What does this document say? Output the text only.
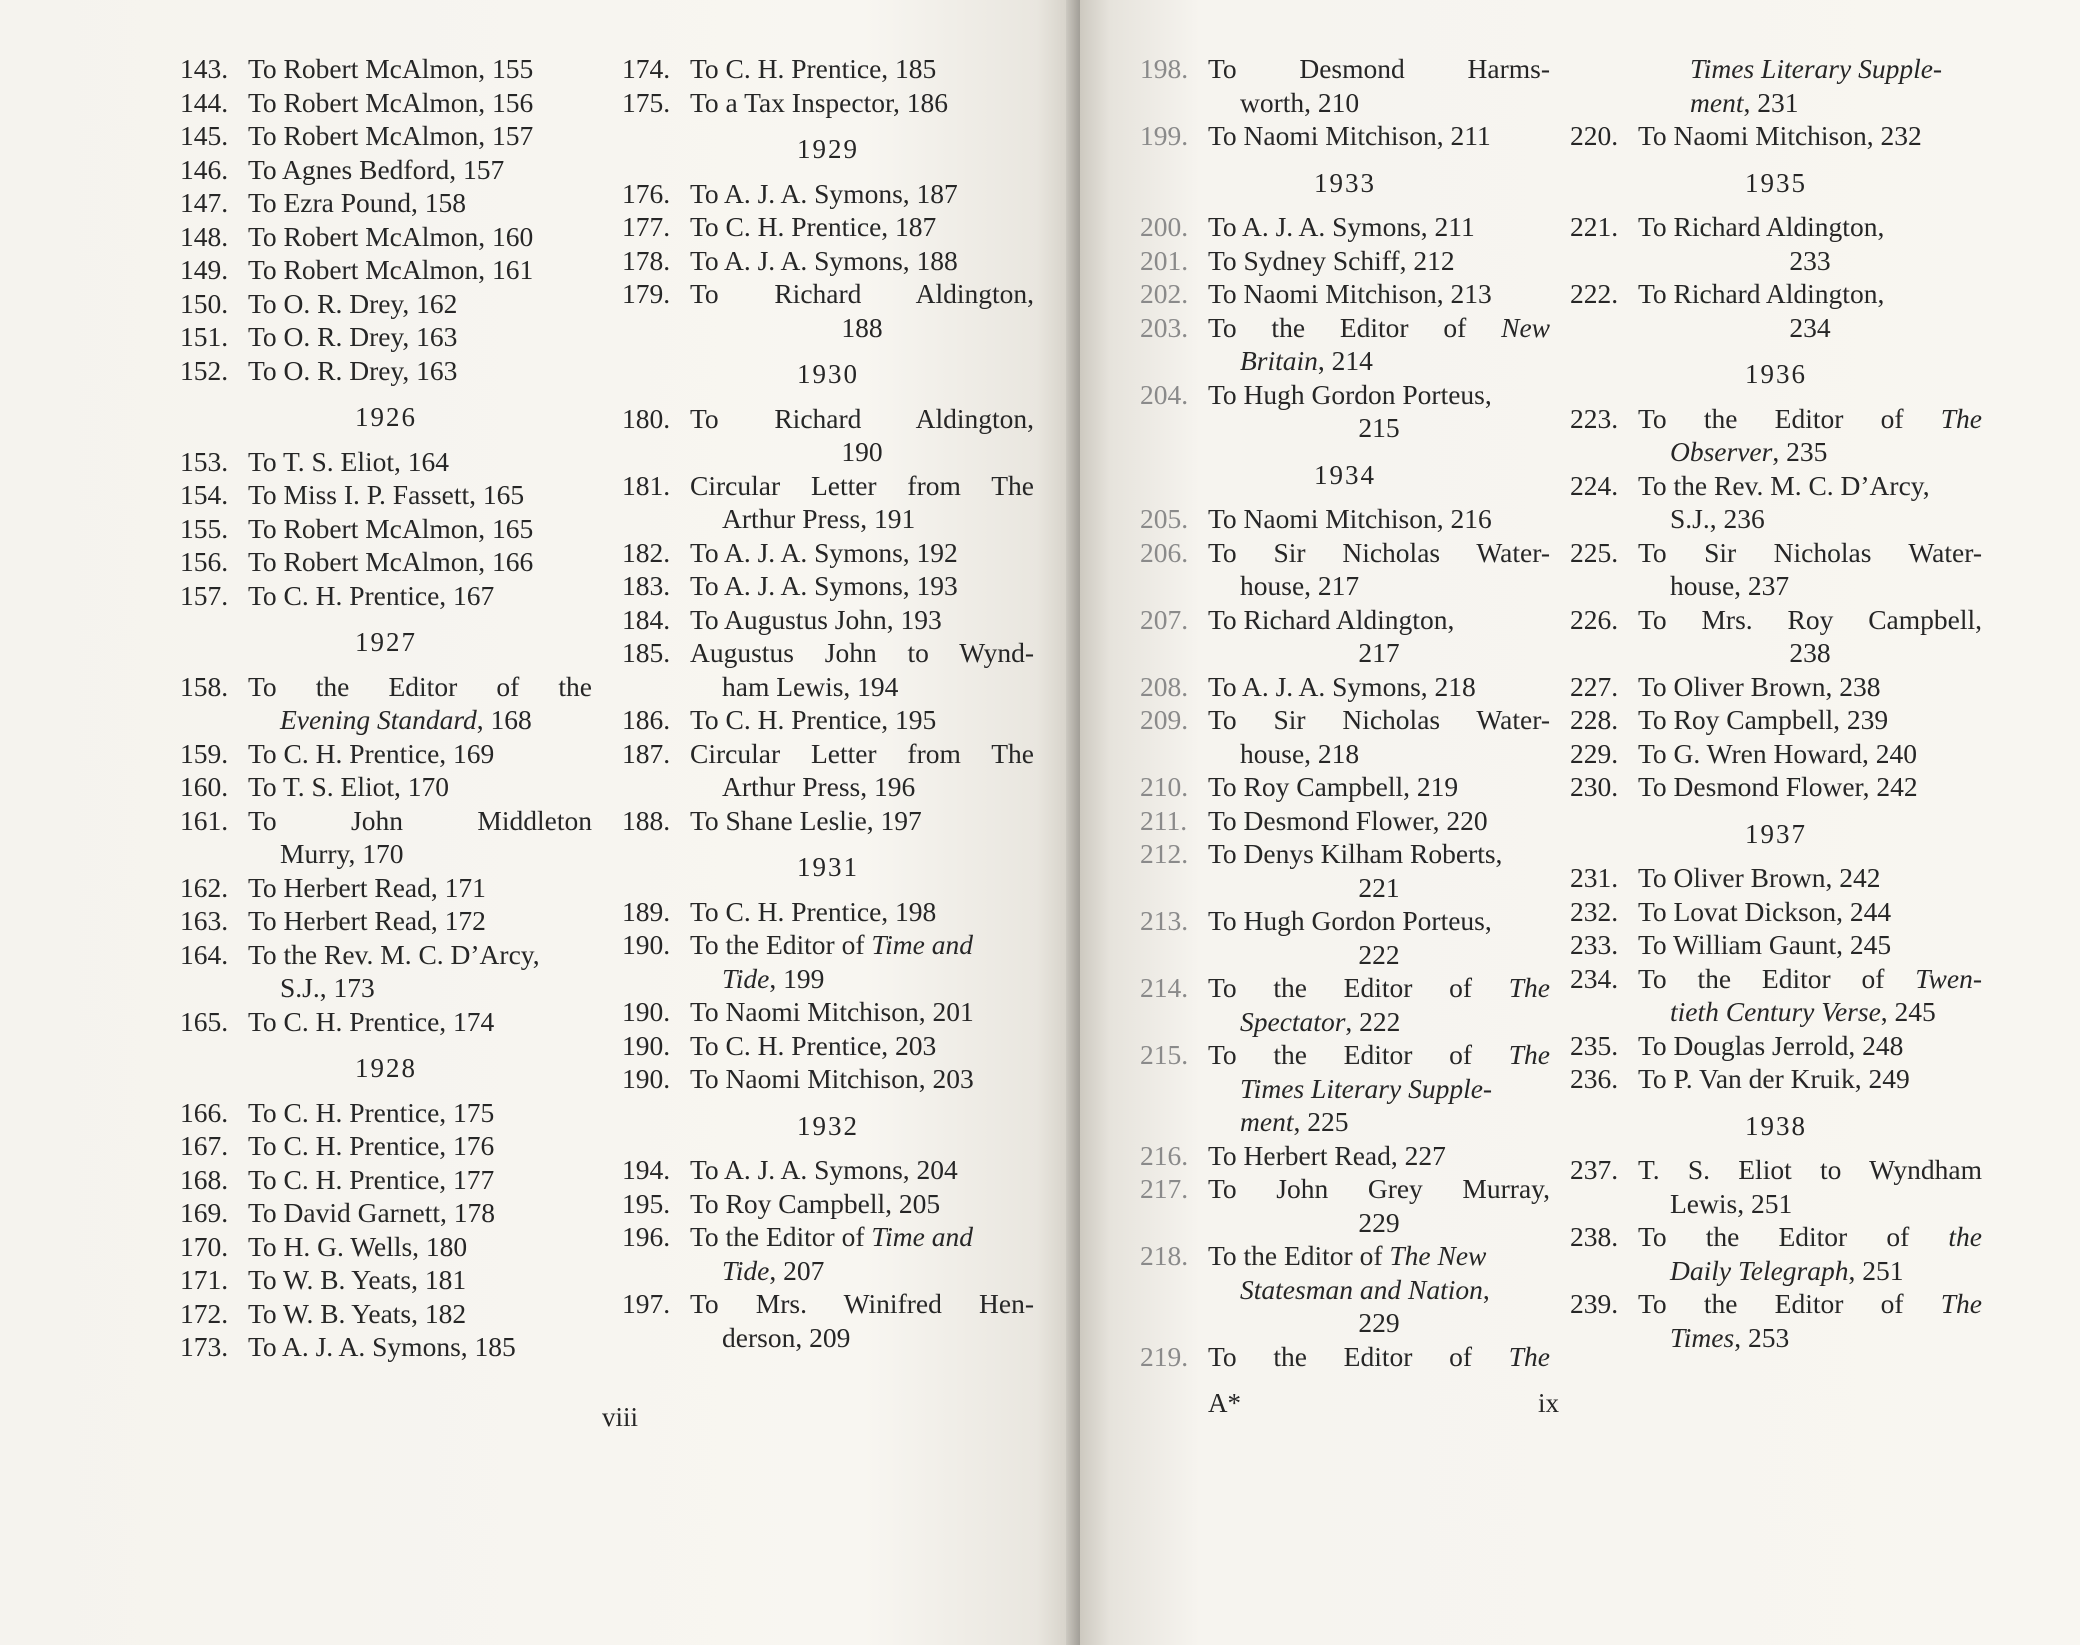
143. To Robert McAlmon, 155
144. To Robert McAlmon, 156
145. To Robert McAlmon, 157
146. To Agnes Bedford, 157
147. To Ezra Pound, 158
148. To Robert McAlmon, 160
149. To Robert McAlmon, 161
150. To O. R. Drey, 162
151. To O. R. Drey, 163
152. To O. R. Drey, 163
1926
153. To T. S. Eliot, 164
154. To Miss I. P. Fassett, 165
155. To Robert McAlmon, 165
156. To Robert McAlmon, 166
157. To C. H. Prentice, 167
1927
158. To the Editor of the
Evening Standard, 168
159. To C. H. Prentice, 169
160. To T. S. Eliot, 170
161. To John Middleton
Murry, 170
162. To Herbert Read, 171
163. To Herbert Read, 172
164. To the Rev. M. C. D’Arcy,
S.J., 173
165. To C. H. Prentice, 174
1928
166. To C. H. Prentice, 175
167. To C. H. Prentice, 176
168. To C. H. Prentice, 177
169. To David Garnett, 178
170. To H. G. Wells, 180
171. To W. B. Yeats, 181
172. To W. B. Yeats, 182
173. To A. J. A. Symons, 185
174. To C. H. Prentice, 185
175. To a Tax Inspector, 186
1929
176. To A. J. A. Symons, 187
177. To C. H. Prentice, 187
178. To A. J. A. Symons, 188
179. To Richard Aldington,
188
1930
180. To Richard Aldington,
190
181. Circular Letter from The
Arthur Press, 191
182. To A. J. A. Symons, 192
183. To A. J. A. Symons, 193
184. To Augustus John, 193
185. Augustus John to Wynd-
ham Lewis, 194
186. To C. H. Prentice, 195
187. Circular Letter from The
Arthur Press, 196
188. To Shane Leslie, 197
1931
189. To C. H. Prentice, 198
190. To the Editor of Time and
Tide, 199
190. To Naomi Mitchison, 201
190. To C. H. Prentice, 203
190. To Naomi Mitchison, 203
1932
194. To A. J. A. Symons, 204
195. To Roy Campbell, 205
196. To the Editor of Time and
Tide, 207
197. To Mrs. Winifred Hen-
derson, 209
viii
198. To Desmond Harms-
worth, 210
199. To Naomi Mitchison, 211
1933
200. To A. J. A. Symons, 211
201. To Sydney Schiff, 212
202. To Naomi Mitchison, 213
203. To the Editor of New
Britain, 214
204. To Hugh Gordon Porteus,
215
1934
205. To Naomi Mitchison, 216
206. To Sir Nicholas Water-
house, 217
207. To Richard Aldington,
217
208. To A. J. A. Symons, 218
209. To Sir Nicholas Water-
house, 218
210. To Roy Campbell, 219
211. To Desmond Flower, 220
212. To Denys Kilham Roberts,
221
213. To Hugh Gordon Porteus,
222
214. To the Editor of The
Spectator, 222
215. To the Editor of The
Times Literary Supple-
ment, 225
216. To Herbert Read, 227
217. To John Grey Murray,
229
218. To the Editor of The New
Statesman and Nation,
229
219. To the Editor of The
Times Literary Supple-
ment, 231
220. To Naomi Mitchison, 232
1935
221. To Richard Aldington,
233
222. To Richard Aldington,
234
1936
223. To the Editor of The
Observer, 235
224. To the Rev. M. C. D’Arcy,
S.J., 236
225. To Sir Nicholas Water-
house, 237
226. To Mrs. Roy Campbell,
238
227. To Oliver Brown, 238
228. To Roy Campbell, 239
229. To G. Wren Howard, 240
230. To Desmond Flower, 242
1937
231. To Oliver Brown, 242
232. To Lovat Dickson, 244
233. To William Gaunt, 245
234. To the Editor of Twen-
tieth Century Verse, 245
235. To Douglas Jerrold, 248
236. To P. Van der Kruik, 249
1938
237. T. S. Eliot to Wyndham
Lewis, 251
238. To the Editor of the
Daily Telegraph, 251
239. To the Editor of The
Times, 253
A*	ix
